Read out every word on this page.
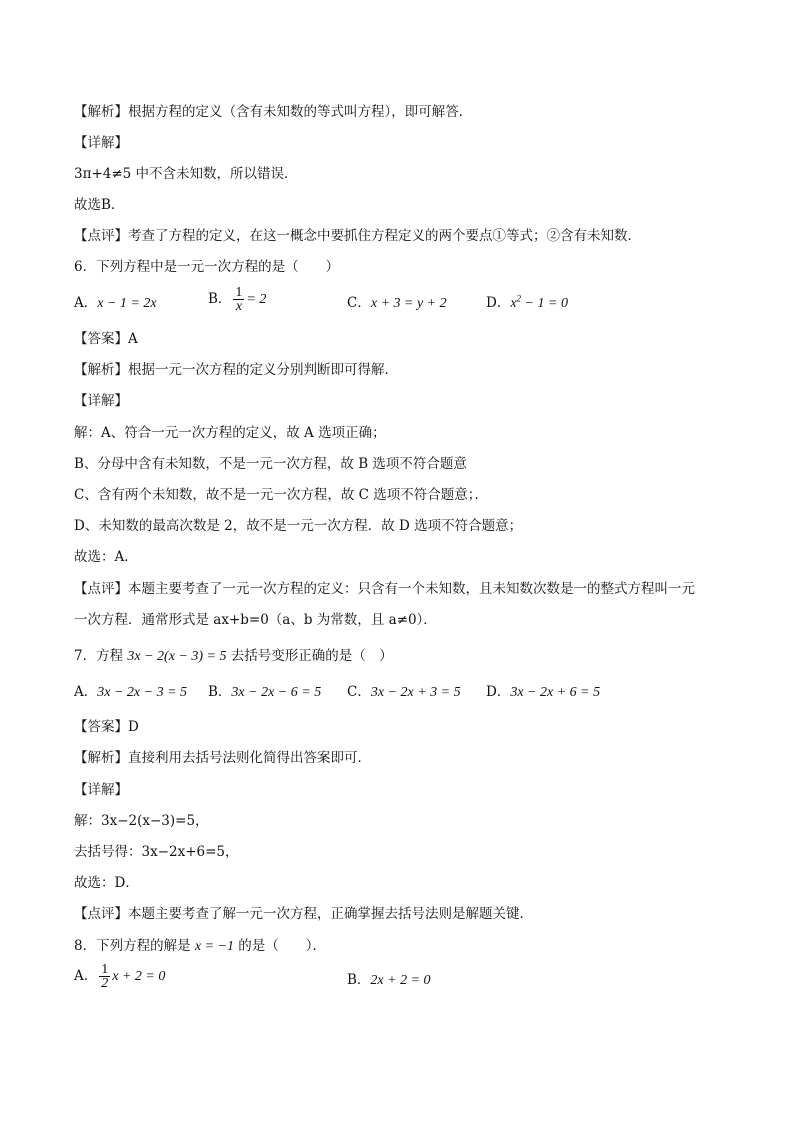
【解析】根据方程的定义（含有未知数的等式叫方程），即可解答．
【详解】
3π+4≠5 中不含未知数，所以错误．
故选B．
【点评】考查了方程的定义，在这一概念中要抓住方程定义的两个要点①等式；②含有未知数．
6．下列方程中是一元一次方程的是（　　）
A．x − 1 = 2x	B． $\frac{1}{x} = 2$	C．x + 3 = y + 2	D．$x^2 - 1 = 0$
【答案】A
【解析】根据一元一次方程的定义分别判断即可得解．
【详解】
解：A、符合一元一次方程的定义，故 A 选项正确；
B、分母中含有未知数，不是一元一次方程，故 B 选项不符合题意
C、含有两个未知数，故不是一元一次方程，故 C 选项不符合题意；．
D、未知数的最高次数是 2，故不是一元一次方程．故 D 选项不符合题意；
故选：A．
【点评】本题主要考查了一元一次方程的定义：只含有一个未知数，且未知数次数是一的整式方程叫一元
一次方程．通常形式是 ax+b=0（a、b 为常数，且 a≠0）．
7．方程 3x − 2(x − 3) = 5 去括号变形正确的是（　）
A．3x − 2x − 3 = 5 B．3x − 2x − 6 = 5 C．3x − 2x + 3 = 5 D．3x − 2x + 6 = 5
【答案】D
【解析】直接利用去括号法则化简得出答案即可．
【详解】
解：3x−2(x−3)=5，
去括号得：3x−2x+6=5，
故选：D．
【点评】本题主要考查了解一元一次方程，正确掌握去括号法则是解题关键．
8．下列方程的解是 x = −1 的是（　　）．
A． $\frac{1}{2}$ x + 2 = 0	B．2x + 2 = 0
